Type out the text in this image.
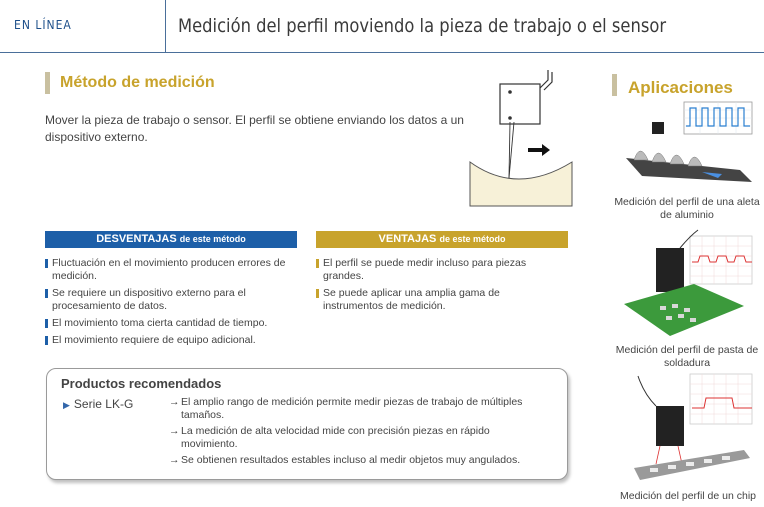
EN LÍNEA	Medición del perfil moviendo la pieza de trabajo o el sensor
Método de medición
Mover la pieza de trabajo o sensor. El perfil se obtiene enviando los datos a un dispositivo externo.
DESVENTAJAS de este método
Fluctuación en el movimiento producen errores de medición.
Se requiere un dispositivo externo para el procesamiento de datos.
El movimiento toma cierta cantidad de tiempo.
El movimiento requiere de equipo adicional.
VENTAJAS de este método
El perfil se puede medir incluso para piezas grandes.
Se puede aplicar una amplia gama de instrumentos de medición.
Productos recomendados
▶ Serie LK-G	→ El amplio rango de medición permite medir piezas de trabajo de múltiples tamaños.
→ La medición de alta velocidad mide con precisión piezas en rápido movimiento.
→ Se obtienen resultados estables incluso al medir objetos muy angulados.
Aplicaciones
Medición del perfil de una aleta de aluminio
Medición del perfil de pasta de soldadura
Medición del perfil de un chip
